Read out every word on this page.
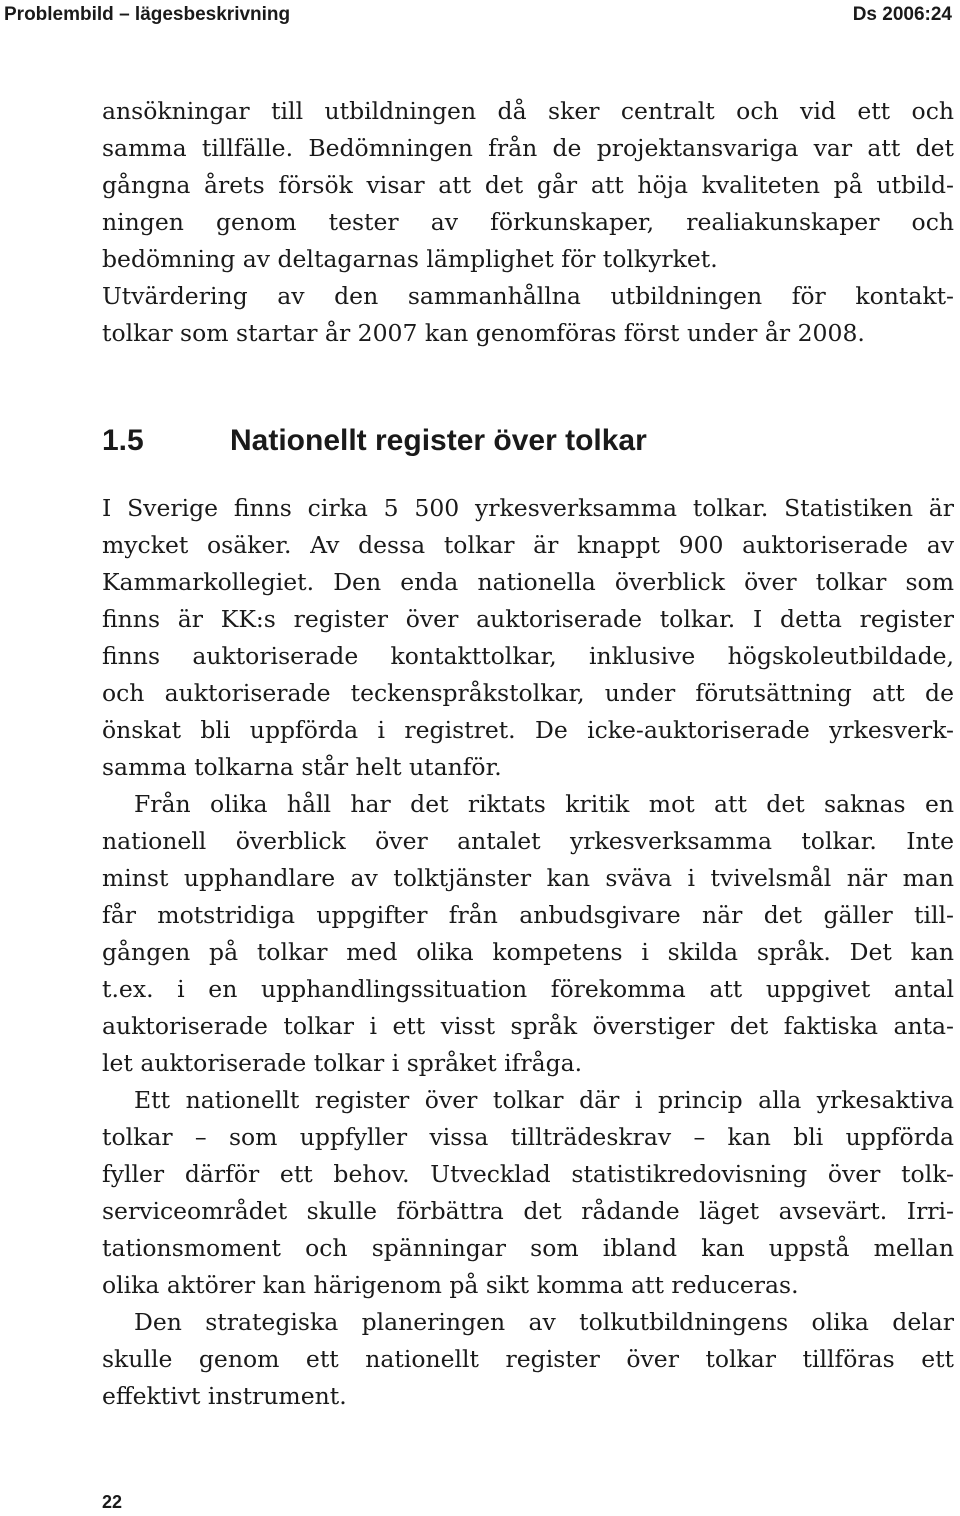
Problembild – lägesbeskrivning	Ds 2006:24

ansökningar till utbildningen då sker centralt och vid ett och
samma tillfälle. Bedömningen från de projektansvariga var att det
gångna årets försök visar att det går att höja kvaliteten på utbild-
ningen genom tester av förkunskaper, realiakunskaper och
bedömning av deltagarnas lämplighet för tolkyrket.
Utvärdering av den sammanhållna utbildningen för kontakt-
tolkar som startar år 2007 kan genomföras först under år 2008.

1.5	Nationellt register över tolkar

I Sverige finns cirka 5 500 yrkesverksamma tolkar. Statistiken är
mycket osäker. Av dessa tolkar är knappt 900 auktoriserade av
Kammarkollegiet. Den enda nationella överblick över tolkar som
finns är KK:s register över auktoriserade tolkar. I detta register
finns auktoriserade kontakttolkar, inklusive högskoleutbildade,
och auktoriserade teckenspråkstolkar, under förutsättning att de
önskat bli uppförda i registret. De icke-auktoriserade yrkesverk-
samma tolkarna står helt utanför.

Från olika håll har det riktats kritik mot att det saknas en
nationell överblick över antalet yrkesverksamma tolkar. Inte
minst upphandlare av tolktjänster kan sväva i tvivelsmål när man
får motstridiga uppgifter från anbudsgivare när det gäller till-
gången på tolkar med olika kompetens i skilda språk. Det kan
t.ex. i en upphandlingssituation förekomma att uppgivet antal
auktoriserade tolkar i ett visst språk överstiger det faktiska anta-
let auktoriserade tolkar i språket ifråga.

Ett nationellt register över tolkar där i princip alla yrkesaktiva
tolkar – som uppfyller vissa tillträdeskrav – kan bli uppförda
fyller därför ett behov. Utvecklad statistikredovisning över tolk-
serviceområdet skulle förbättra det rådande läget avsevärt. Irri-
tationsmoment och spänningar som ibland kan uppstå mellan
olika aktörer kan härigenom på sikt komma att reduceras.

Den strategiska planeringen av tolkutbildningens olika delar
skulle genom ett nationellt register över tolkar tillföras ett
effektivt instrument.

22
